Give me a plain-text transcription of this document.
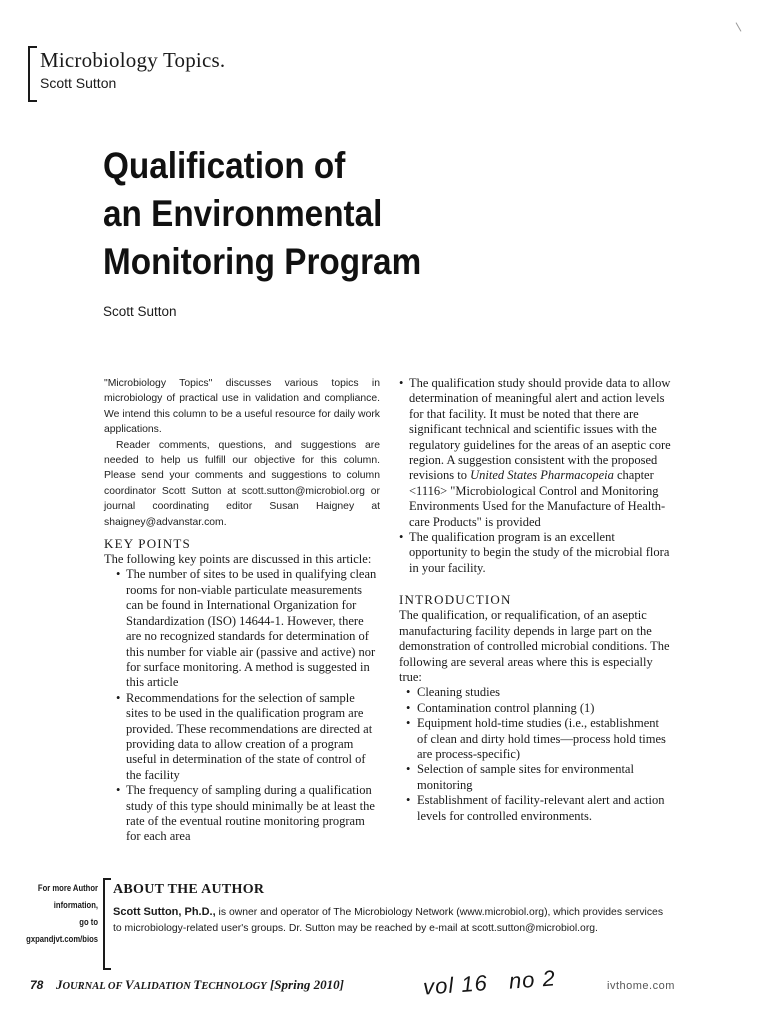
Microbiology Topics.
Scott Sutton
Qualification of
an Environmental
Monitoring Program
Scott Sutton

"Microbiology Topics" discusses various topics in microbiology of practical use in validation and compliance. We intend this column to be a useful resource for daily work applications.

Reader comments, questions, and suggestions are needed to help us fulfill our objective for this column. Please send your comments and suggestions to column coordinator Scott Sutton at scott.sutton@microbiol.org or journal coordinating editor Susan Haigney at shaigney@advanstar.com.

KEY POINTS

The following key points are discussed in this article:

• The number of sites to be used in qualifying clean rooms for non-viable particulate measurements can be found in International Organization for Standardization (ISO) 14644-1. However, there are no recognized standards for determination of this number for viable air (passive and active) nor for surface monitoring. A method is suggested in this article
• Recommendations for the selection of sample sites to be used in the qualification program are provided. These recommendations are directed at providing data to allow creation of a program useful in determination of the state of control of the facility
• The frequency of sampling during a qualification study of this type should minimally be at least the rate of the eventual routine monitoring program for each area
• The qualification study should provide data to allow determination of meaningful alert and action levels for that facility. It must be noted that there are significant technical and scientific issues with the regulatory guidelines for the areas of an aseptic core region. A suggestion consistent with the proposed revisions to United States Pharmacopeia chapter <1116> "Microbiological Control and Monitoring Environments Used for the Manufacture of Health-care Products" is provided
• The qualification program is an excellent opportunity to begin the study of the microbial flora in your facility.
INTRODUCTION

The qualification, or requalification, of an aseptic manufacturing facility depends in large part on the demonstration of controlled microbial conditions. The following are several areas where this is especially true:

• Cleaning studies
• Contamination control planning (1)
• Equipment hold-time studies (i.e., establishment of clean and dirty hold times—process hold times are process-specific)
• Selection of sample sites for environmental monitoring
• Establishment of facility-relevant alert and action levels for controlled environments.
For more Author
information,
go to
gxpandjvt.com/bios
ABOUT THE AUTHOR
Scott Sutton, Ph.D., is owner and operator of The Microbiology Network (www.microbiol.org), which provides services to microbiology-related user's groups. Dr. Sutton may be reached by e-mail at scott.sutton@microbiol.org.
78 JOURNAL OF VALIDATION TECHNOLOGY [Spring 2010]	vol 16   no 2	ivthome.com
